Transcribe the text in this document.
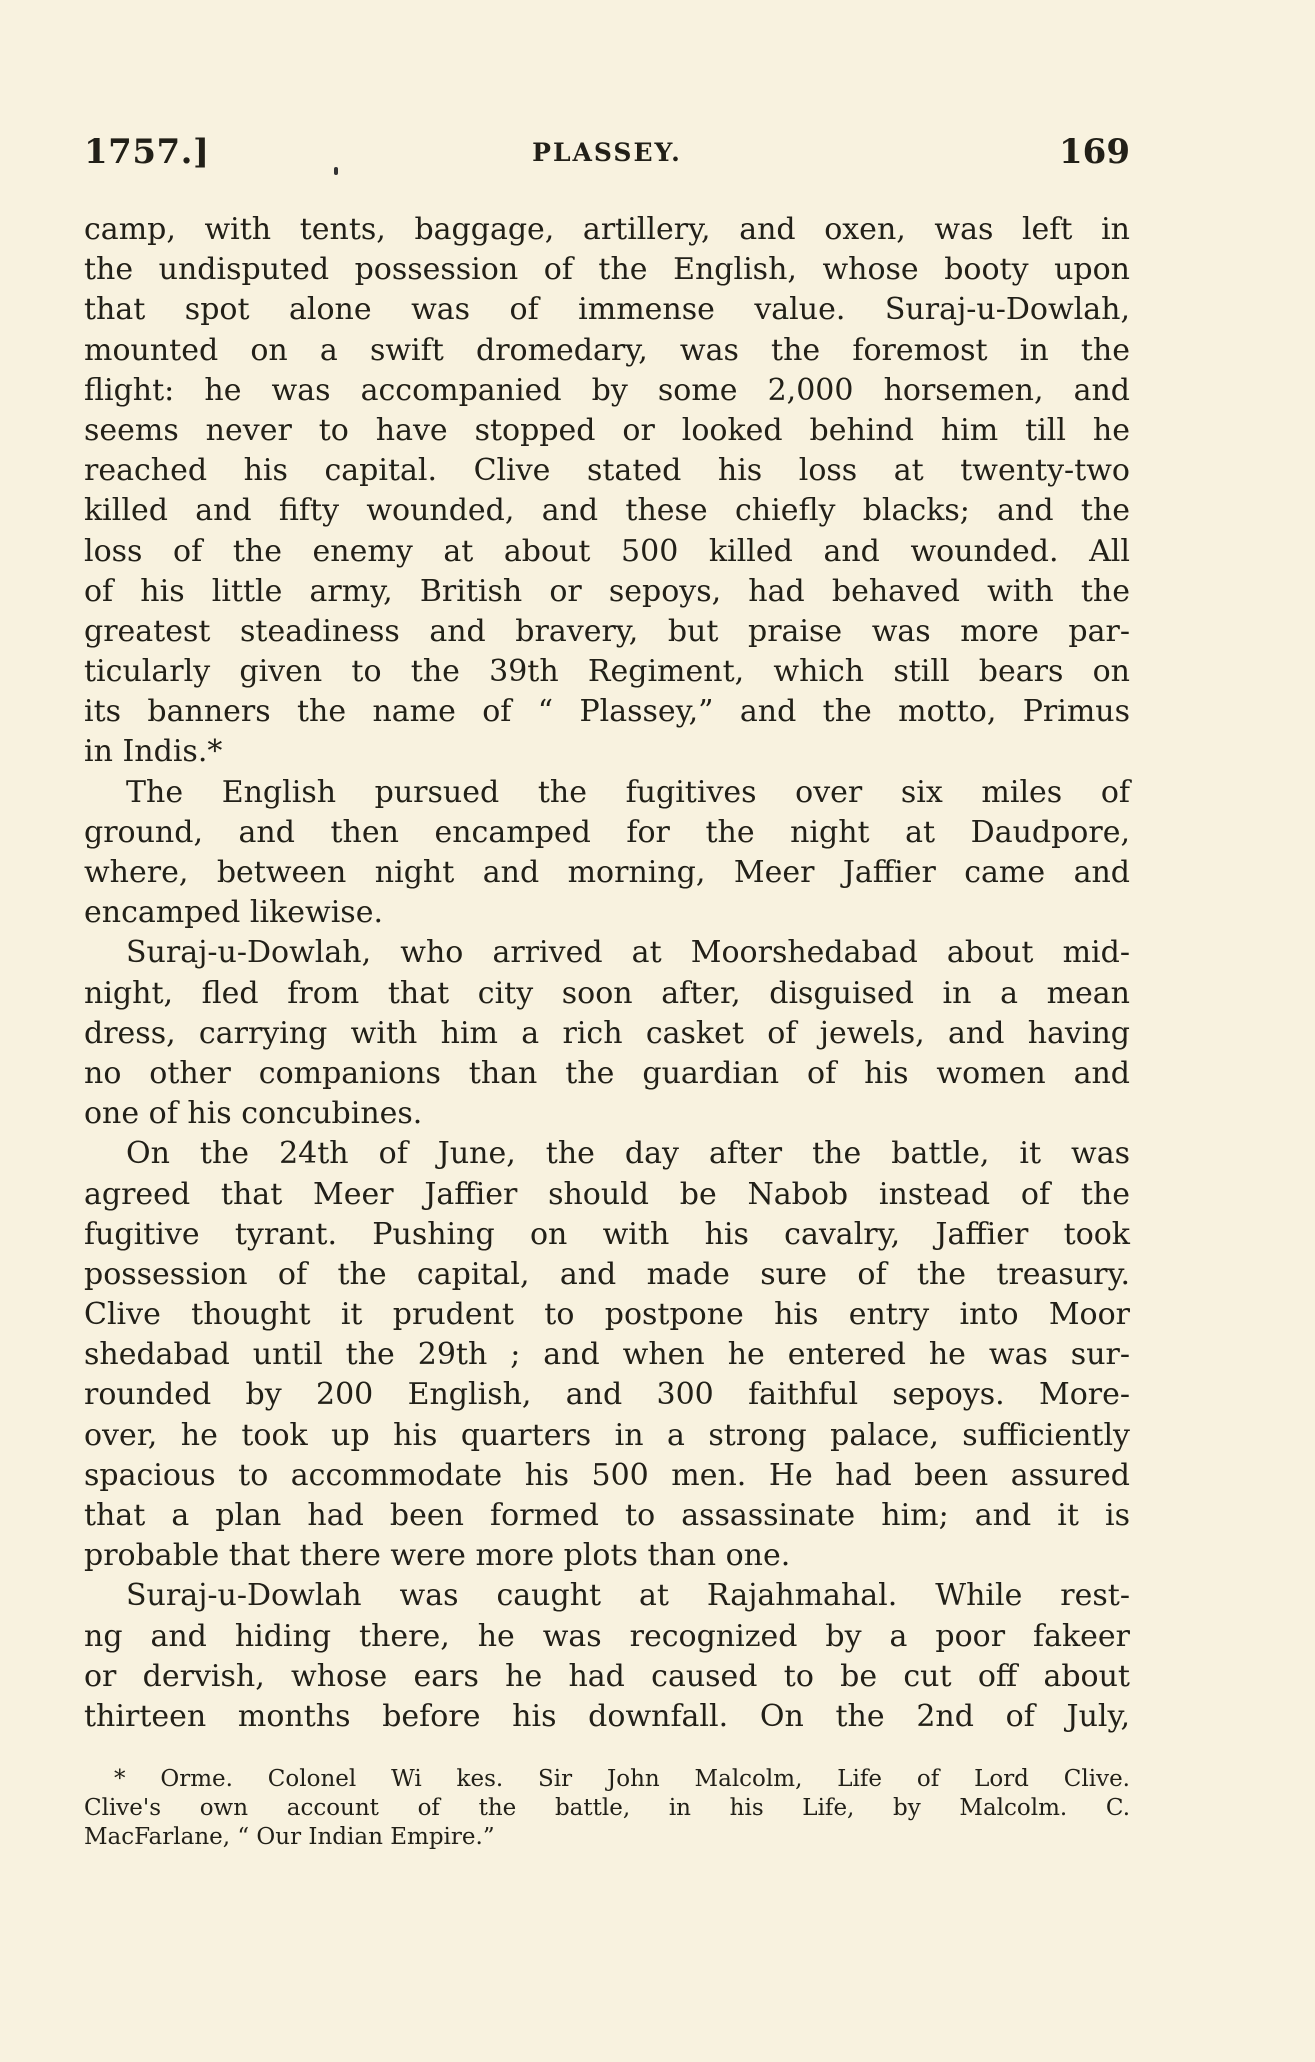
1757.]	PLASSEY.	169
camp, with tents, baggage, artillery, and oxen, was left in
the undisputed possession of the English, whose booty upon
that spot alone was of immense value. Suraj-u-Dowlah,
mounted on a swift dromedary, was the foremost in the
flight: he was accompanied by some 2,000 horsemen, and
seems never to have stopped or looked behind him till he
reached his capital. Clive stated his loss at twenty-two
killed and fifty wounded, and these chiefly blacks; and the
loss of the enemy at about 500 killed and wounded. All
of his little army, British or sepoys, had behaved with the
greatest steadiness and bravery, but praise was more par-
ticularly given to the 39th Regiment, which still bears on
its banners the name of “ Plassey,” and the motto, Primus
in Indis.*
The English pursued the fugitives over six miles of
ground, and then encamped for the night at Daudpore,
where, between night and morning, Meer Jaffier came and
encamped likewise.
Suraj-u-Dowlah, who arrived at Moorshedabad about mid-
night, fled from that city soon after, disguised in a mean
dress, carrying with him a rich casket of jewels, and having
no other companions than the guardian of his women and
one of his concubines.
On the 24th of June, the day after the battle, it was
agreed that Meer Jaffier should be Nabob instead of the
fugitive tyrant. Pushing on with his cavalry, Jaffier took
possession of the capital, and made sure of the treasury.
Clive thought it prudent to postpone his entry into Moor
shedabad until the 29th ; and when he entered he was sur-
rounded by 200 English, and 300 faithful sepoys. More-
over, he took up his quarters in a strong palace, sufficiently
spacious to accommodate his 500 men. He had been assured
that a plan had been formed to assassinate him; and it is
probable that there were more plots than one.
Suraj-u-Dowlah was caught at Rajahmahal. While rest-
ng and hiding there, he was recognized by a poor fakeer
or dervish, whose ears he had caused to be cut off about
thirteen months before his downfall. On the 2nd of July,
* Orme. Colonel Wi kes. Sir John Malcolm, Life of Lord Clive.
Clive's own account of the battle, in his Life, by Malcolm. C.
MacFarlane, “ Our Indian Empire.”
